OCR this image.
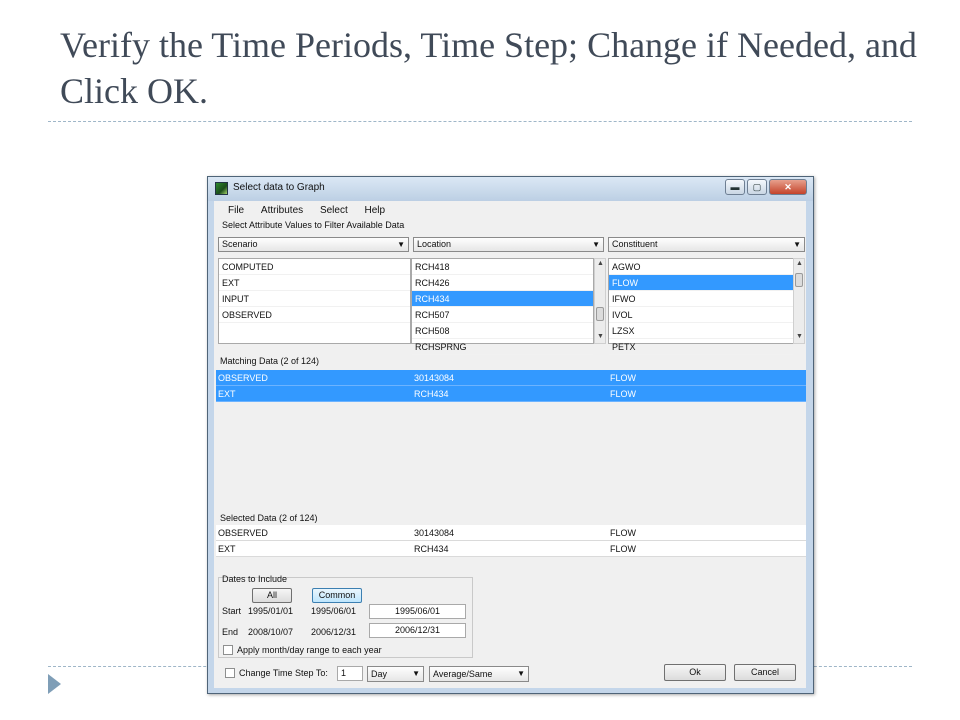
Verify the Time Periods, Time Step; Change if Needed, and Click OK.
Select data to Graph	▬	▢	✕
File Attributes Select Help
Select Attribute Values to Filter Available Data
Scenario	▼	Location	▼	Constituent	▼
COMPUTED
EXT
INPUT
OBSERVED
RCH418
RCH426
RCH434
RCH507
RCH508
RCHSPRNG
▲
▼
AGWO
FLOW
IFWO
IVOL
LZSX
PETX
▲
▼
Matching Data (2 of 124)
OBSERVED	30143084	FLOW
EXT	RCH434	FLOW
Selected Data (2 of 124)
OBSERVED	30143084	FLOW
EXT	RCH434	FLOW
Dates to Include
All	Common
Start 1995/01/01 1995/06/01	1995/06/01
End 2008/10/07 2006/12/31	2006/12/31
Apply month/day range to each year
Change Time Step To:	1	Day	▼	Average/Same	▼	Ok	Cancel
